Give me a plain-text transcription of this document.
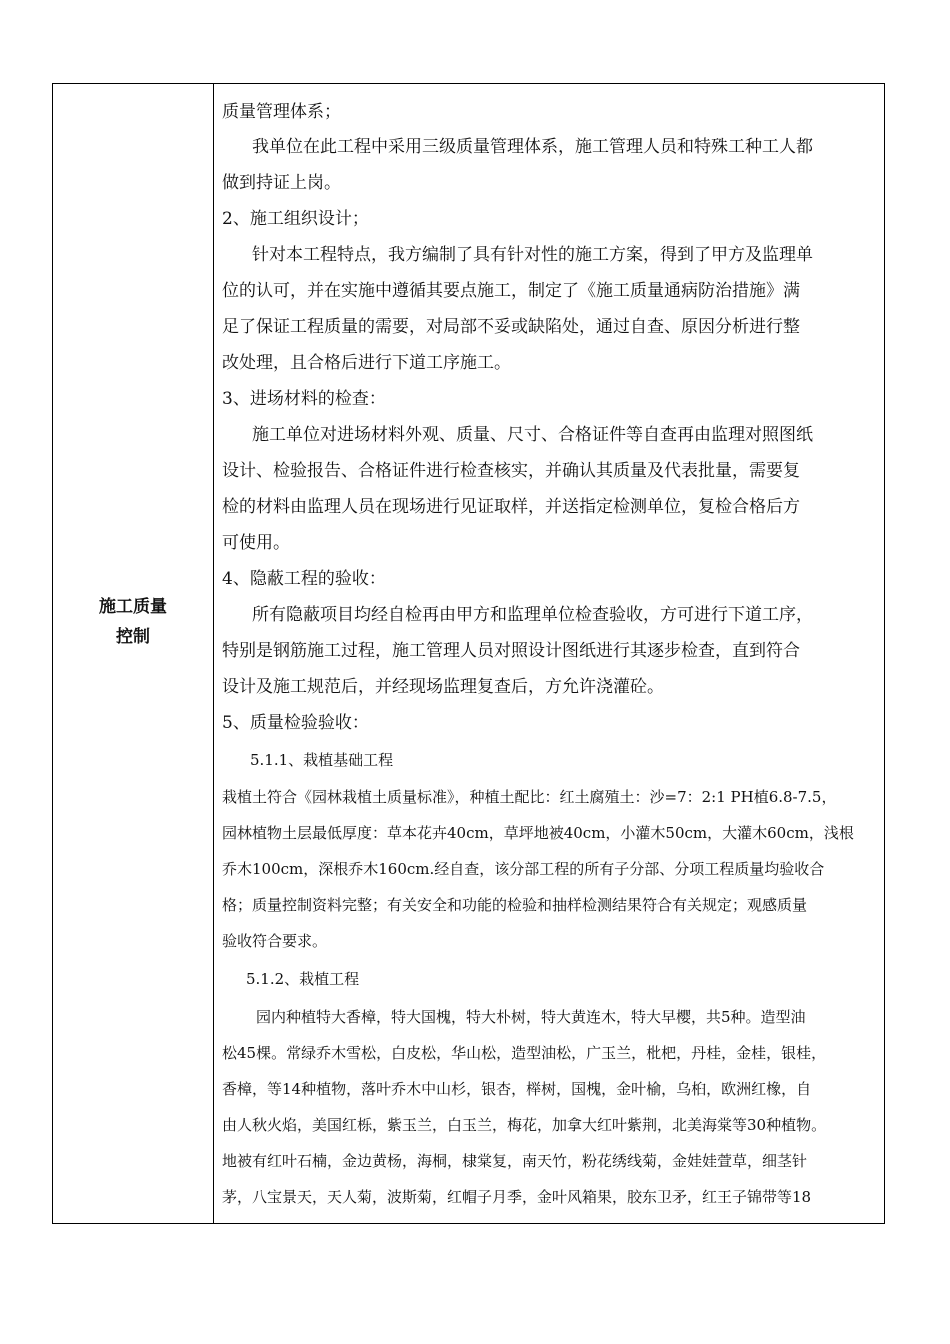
施工质量
控制
质量管理体系；
我单位在此工程中采用三级质量管理体系，施工管理人员和特殊工种工人都
做到持证上岗。
2、施工组织设计；
针对本工程特点，我方编制了具有针对性的施工方案，得到了甲方及监理单
位的认可，并在实施中遵循其要点施工，制定了《施工质量通病防治措施》满
足了保证工程质量的需要，对局部不妥或缺陷处，通过自查、原因分析进行整
改处理，且合格后进行下道工序施工。
3、进场材料的检查：
施工单位对进场材料外观、质量、尺寸、合格证件等自查再由监理对照图纸
设计、检验报告、合格证件进行检查核实，并确认其质量及代表批量，需要复
检的材料由监理人员在现场进行见证取样，并送指定检测单位，复检合格后方
可使用。
4、隐蔽工程的验收：
所有隐蔽项目均经自检再由甲方和监理单位检查验收，方可进行下道工序，
特别是钢筋施工过程，施工管理人员对照设计图纸进行其逐步检查，直到符合
设计及施工规范后，并经现场监理复查后，方允许浇灌砼。
5、质量检验验收：
5.1.1、栽植基础工程
栽植土符合《园林栽植土质量标准》，种植土配比：红土腐殖土：沙=7：2:1 PH植6.8-7.5，
园林植物土层最低厚度：草本花卉40cm，草坪地被40cm，小灌木50cm，大灌木60cm，浅根
乔木100cm，深根乔木160cm.经自查，该分部工程的所有子分部、分项工程质量均验收合
格；质量控制资料完整；有关安全和功能的检验和抽样检测结果符合有关规定；观感质量
验收符合要求。
5.1.2、栽植工程
园内种植特大香樟，特大国槐，特大朴树，特大黄连木，特大早樱，共5种。造型油
松45棵。常绿乔木雪松，白皮松，华山松，造型油松，广玉兰，枇杷，丹桂，金桂，银桂，
香樟，等14种植物，落叶乔木中山杉，银杏，榉树，国槐，金叶榆，乌桕，欧洲红橡，自
由人秋火焰，美国红栎，紫玉兰，白玉兰，梅花，加拿大红叶紫荆，北美海棠等30种植物。
地被有红叶石楠，金边黄杨，海桐，棣棠复，南天竹，粉花绣线菊，金娃娃萱草，细茎针
茅，八宝景天，天人菊，波斯菊，红帽子月季，金叶风箱果，胶东卫矛，红王子锦带等18
